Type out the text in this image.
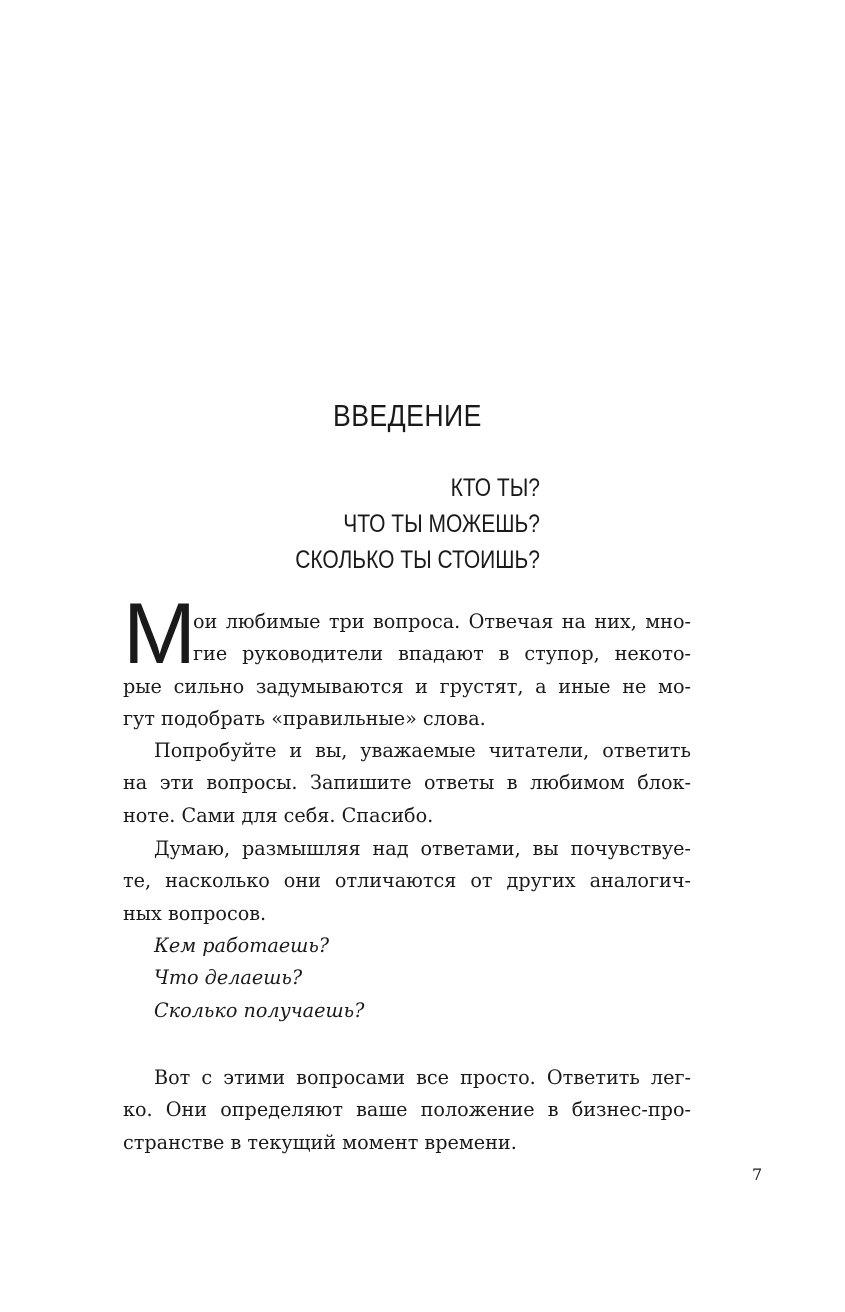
ВВЕДЕНИЕ
КТО ТЫ?
ЧТО ТЫ МОЖЕШЬ?
СКОЛЬКО ТЫ СТОИШЬ?
М
ои любимые три вопроса. Отвечая на них, мно-
гие руководители впадают в ступор, некото-
рые сильно задумываются и грустят, а иные не мо-
гут подобрать «правильные» слова.
Попробуйте и вы, уважаемые читатели, ответить
на эти вопросы. Запишите ответы в любимом блок-
ноте. Сами для себя. Спасибо.
Думаю, размышляя над ответами, вы почувствуе-
те, насколько они отличаются от других аналогич-
ных вопросов.
Кем работаешь?
Что делаешь?
Сколько получаешь?
Вот с этими вопросами все просто. Ответить лег-
ко. Они определяют ваше положение в бизнес-про-
странстве в текущий момент времени.
7
